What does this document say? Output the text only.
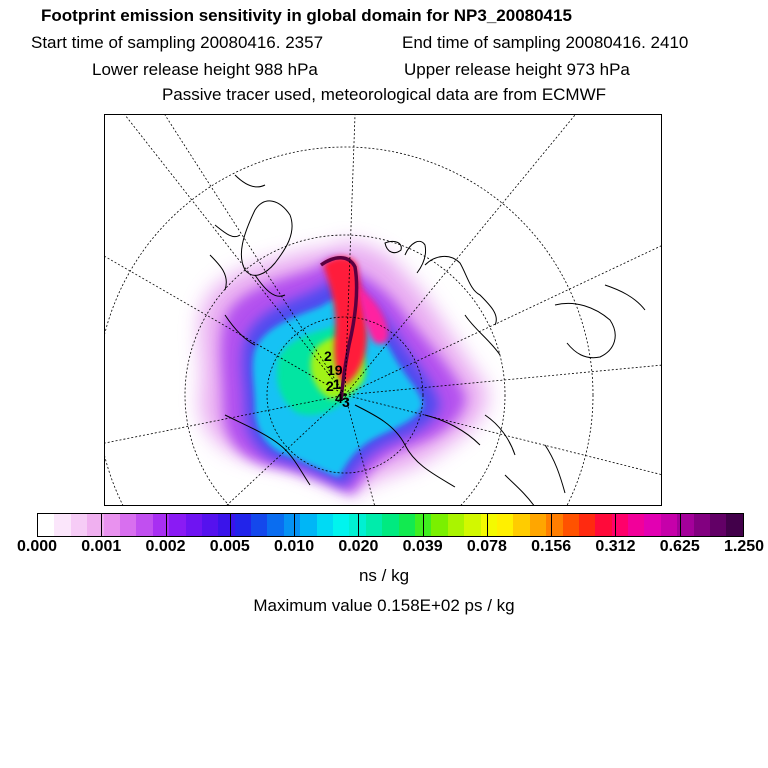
Footprint emission sensitivity in global domain for NP3_20080415
Start time of sampling 20080416. 2357	End time of sampling 20080416. 2410
Lower release height 988 hPa	Upper release height 973 hPa
Passive tracer used, meteorological data are from ECMWF
2
19
1
2
4 3
0.000 0.001 0.002 0.005 0.010 0.020 0.039 0.078 0.156 0.312 0.625 1.250
ns / kg
Maximum value 0.158E+02 ps / kg
